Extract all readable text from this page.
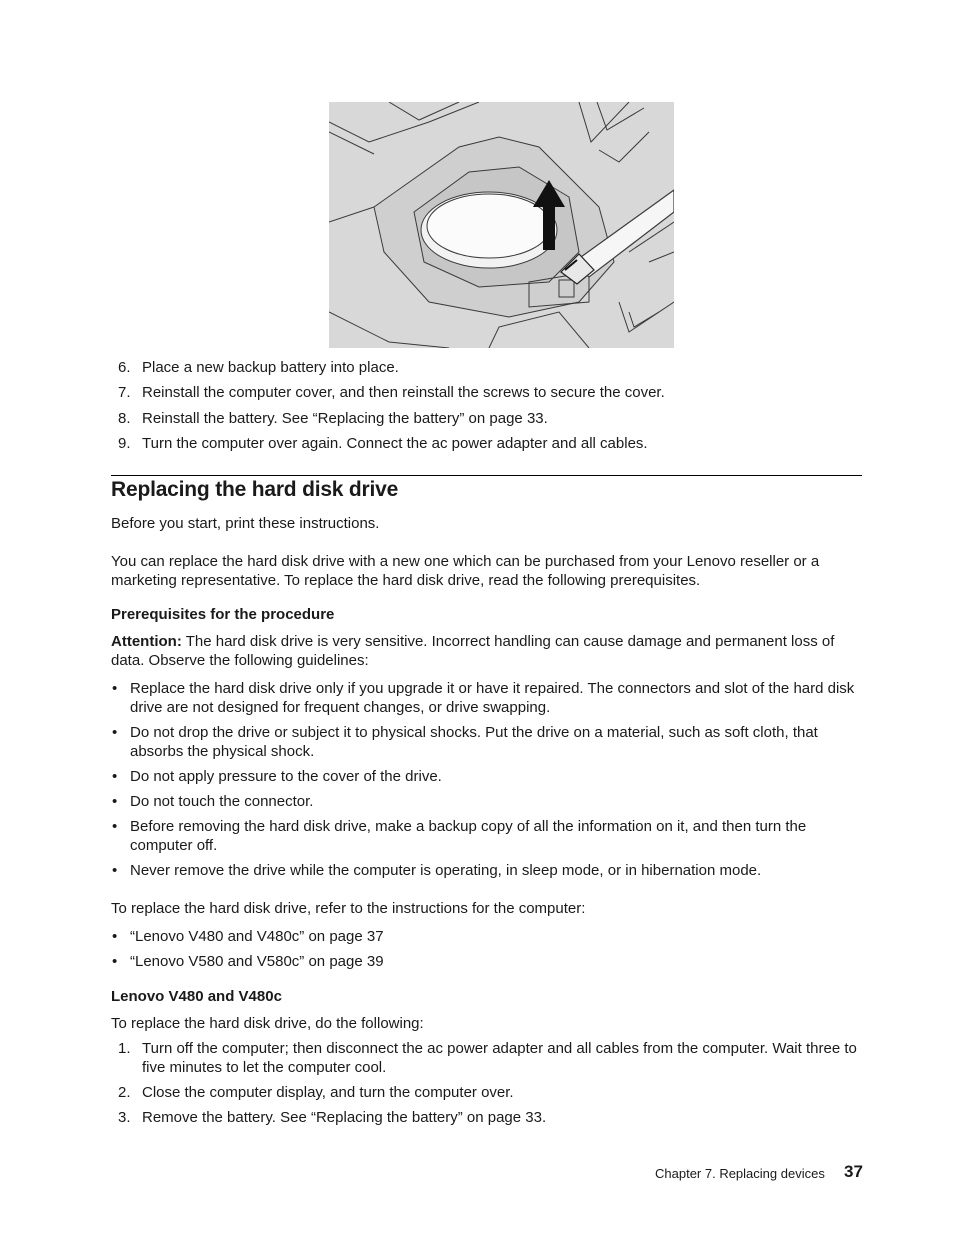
6. Place a new backup battery into place.
7. Reinstall the computer cover, and then reinstall the screws to secure the cover.
8. Reinstall the battery. See “Replacing the battery” on page 33.
9. Turn the computer over again. Connect the ac power adapter and all cables.
Replacing the hard disk drive
Before you start, print these instructions.
You can replace the hard disk drive with a new one which can be purchased from your Lenovo reseller or a marketing representative. To replace the hard disk drive, read the following prerequisites.
Prerequisites for the procedure
Attention: The hard disk drive is very sensitive. Incorrect handling can cause damage and permanent loss of data. Observe the following guidelines:
• Replace the hard disk drive only if you upgrade it or have it repaired. The connectors and slot of the hard disk drive are not designed for frequent changes, or drive swapping.
• Do not drop the drive or subject it to physical shocks. Put the drive on a material, such as soft cloth, that absorbs the physical shock.
• Do not apply pressure to the cover of the drive.
• Do not touch the connector.
• Before removing the hard disk drive, make a backup copy of all the information on it, and then turn the computer off.
• Never remove the drive while the computer is operating, in sleep mode, or in hibernation mode.
To replace the hard disk drive, refer to the instructions for the computer:
• “Lenovo V480 and V480c” on page 37
• “Lenovo V580 and V580c” on page 39
Lenovo V480 and V480c
To replace the hard disk drive, do the following:
1. Turn off the computer; then disconnect the ac power adapter and all cables from the computer. Wait three to five minutes to let the computer cool.
2. Close the computer display, and turn the computer over.
3. Remove the battery. See “Replacing the battery” on page 33.
Chapter 7. Replacing devices 37
